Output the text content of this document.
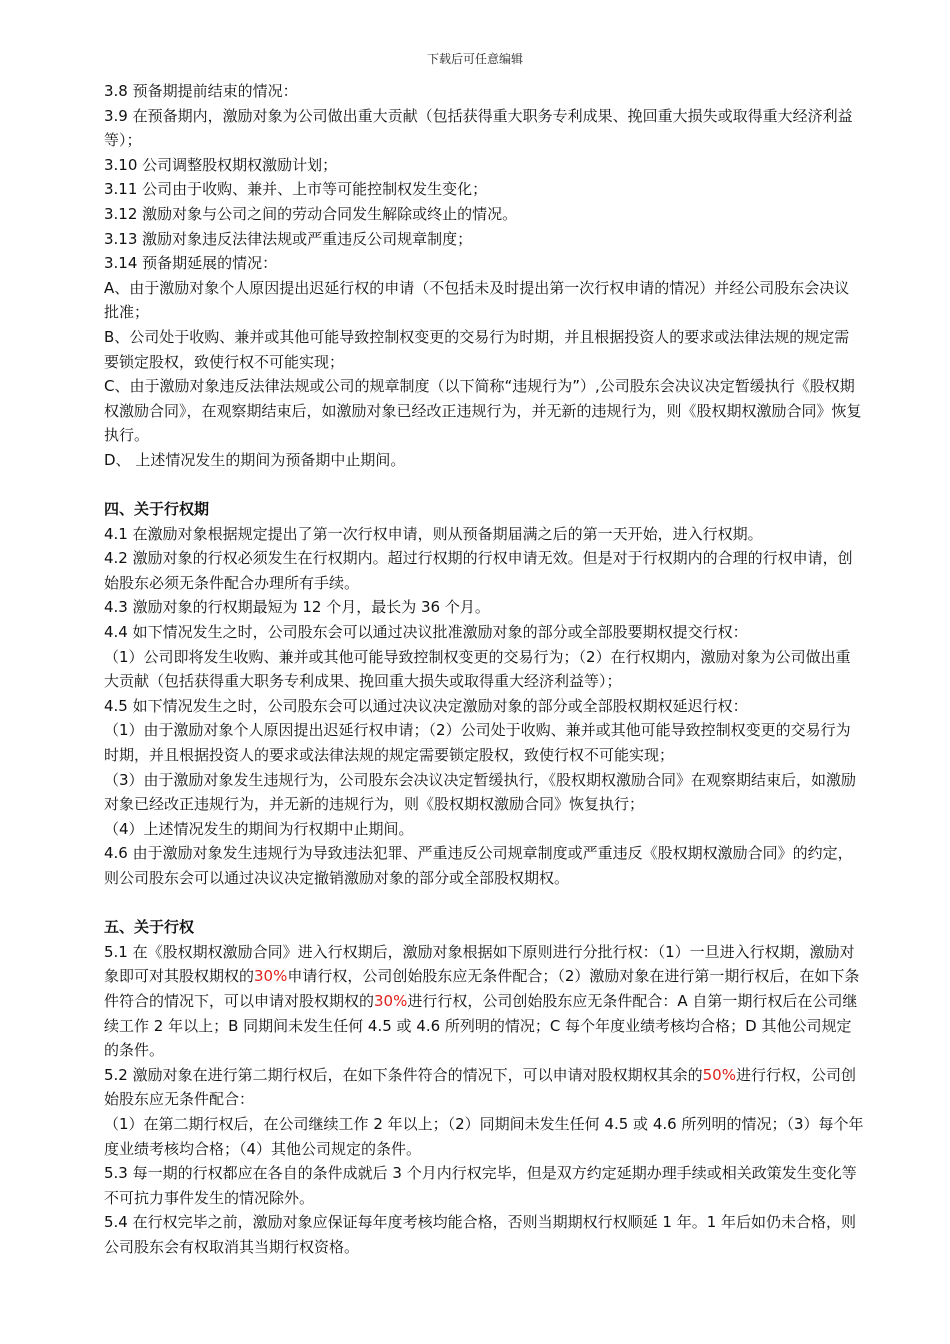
下载后可任意编辑

3.8 预备期提前结束的情况：

3.9 在预备期内，激励对象为公司做出重大贡献（包括获得重大职务专利成果、挽回重大损失或取得重大经济利益等）；

3.10 公司调整股权期权激励计划；

3.11 公司由于收购、兼并、上市等可能控制权发生变化；

3.12 激励对象与公司之间的劳动合同发生解除或终止的情况。

3.13 激励对象违反法律法规或严重违反公司规章制度；

3.14 预备期延展的情况：

A、由于激励对象个人原因提出迟延行权的申请（不包括未及时提出第一次行权申请的情况）并经公司股东会决议批准；

B、公司处于收购、兼并或其他可能导致控制权变更的交易行为时期，并且根据投资人的要求或法律法规的规定需要锁定股权，致使行权不可能实现；

C、由于激励对象违反法律法规或公司的规章制度（以下简称“违规行为”）,公司股东会决议决定暂缓执行《股权期权激励合同》，在观察期结束后，如激励对象已经改正违规行为，并无新的违规行为，则《股权期权激励合同》恢复执行。

D、 上述情况发生的期间为预备期中止期间。

四、关于行权期

4.1 在激励对象根据规定提出了第一次行权申请，则从预备期届满之后的第一天开始，进入行权期。

4.2 激励对象的行权必须发生在行权期内。超过行权期的行权申请无效。但是对于行权期内的合理的行权申请，创始股东必须无条件配合办理所有手续。

4.3 激励对象的行权期最短为 12 个月，最长为 36 个月。

4.4 如下情况发生之时，公司股东会可以通过决议批准激励对象的部分或全部股要期权提交行权：

（1）公司即将发生收购、兼并或其他可能导致控制权变更的交易行为；（2）在行权期内，激励对象为公司做出重大贡献（包括获得重大职务专利成果、挽回重大损失或取得重大经济利益等）；

4.5 如下情况发生之时，公司股东会可以通过决议决定激励对象的部分或全部股权期权延迟行权：

（1）由于激励对象个人原因提出迟延行权申请；（2）公司处于收购、兼并或其他可能导致控制权变更的交易行为时期，并且根据投资人的要求或法律法规的规定需要锁定股权，致使行权不可能实现；

（3）由于激励对象发生违规行为，公司股东会决议决定暂缓执行，《股权期权激励合同》在观察期结束后，如激励对象已经改正违规行为，并无新的违规行为，则《股权期权激励合同》恢复执行；

（4）上述情况发生的期间为行权期中止期间。

4.6 由于激励对象发生违规行为导致违法犯罪、严重违反公司规章制度或严重违反《股权期权激励合同》的约定，则公司股东会可以通过决议决定撤销激励对象的部分或全部股权期权。

五、关于行权

5.1 在《股权期权激励合同》进入行权期后，激励对象根据如下原则进行分批行权：（1）一旦进入行权期，激励对象即可对其股权期权的30%申请行权，公司创始股东应无条件配合；（2）激励对象在进行第一期行权后，在如下条件符合的情况下，可以申请对股权期权的30%进行行权，公司创始股东应无条件配合：A 自第一期行权后在公司继续工作 2 年以上；B 同期间未发生任何 4.5 或 4.6 所列明的情况；C 每个年度业绩考核均合格；D 其他公司规定的条件。

5.2 激励对象在进行第二期行权后，在如下条件符合的情况下，可以申请对股权期权其余的50%进行行权，公司创始股东应无条件配合：

（1）在第二期行权后，在公司继续工作 2 年以上；（2）同期间未发生任何 4.5 或 4.6 所列明的情况；（3）每个年度业绩考核均合格；（4）其他公司规定的条件。

5.3 每一期的行权都应在各自的条件成就后 3 个月内行权完毕，但是双方约定延期办理手续或相关政策发生变化等不可抗力事件发生的情况除外。

5.4 在行权完毕之前，激励对象应保证每年度考核均能合格，否则当期期权行权顺延 1 年。1 年后如仍未合格，则公司股东会有权取消其当期行权资格。
